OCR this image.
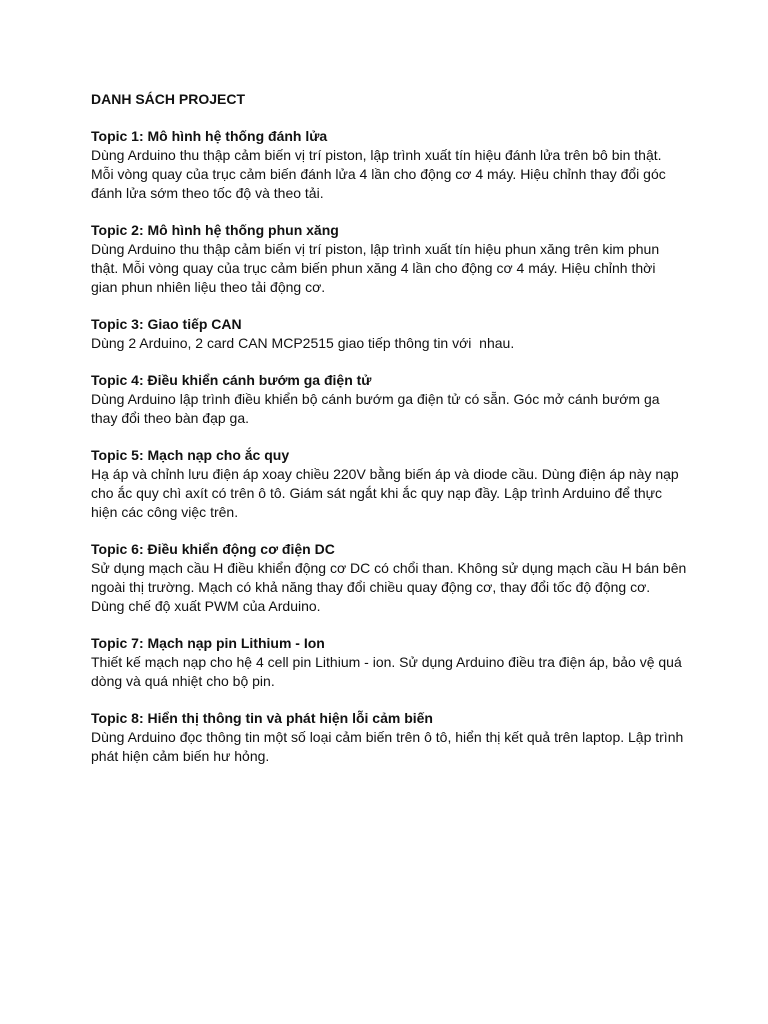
DANH SÁCH PROJECT
Topic 1: Mô hình hệ thống đánh lửa
Dùng Arduino thu thập cảm biến vị trí piston, lập trình xuất tín hiệu đánh lửa trên bô bin thật.
Mỗi vòng quay của trục cảm biến đánh lửa 4 lần cho động cơ 4 máy. Hiệu chỉnh thay đổi góc
đánh lửa sớm theo tốc độ và theo tải.
Topic 2: Mô hình hệ thống phun xăng
Dùng Arduino thu thập cảm biến vị trí piston, lập trình xuất tín hiệu phun xăng trên kim phun
thật. Mỗi vòng quay của trục cảm biến phun xăng 4 lần cho động cơ 4 máy. Hiệu chỉnh thời
gian phun nhiên liệu theo tải động cơ.
Topic 3: Giao tiếp CAN
Dùng 2 Arduino, 2 card CAN MCP2515 giao tiếp thông tin với  nhau.
Topic 4: Điều khiển cánh bướm ga điện tử
Dùng Arduino lập trình điều khiển bộ cánh bướm ga điện tử có sẵn. Góc mở cánh bướm ga
thay đổi theo bàn đạp ga.
Topic 5: Mạch nạp cho ắc quy
Hạ áp và chỉnh lưu điện áp xoay chiều 220V bằng biến áp và diode cầu. Dùng điện áp này nạp
cho ắc quy chì axít có trên ô tô. Giám sát ngắt khi ắc quy nạp đầy. Lập trình Arduino để thực
hiện các công việc trên.
Topic 6: Điều khiển động cơ điện DC
Sử dụng mạch cầu H điều khiển động cơ DC có chổi than. Không sử dụng mạch cầu H bán bên
ngoài thị trường. Mạch có khả năng thay đổi chiều quay động cơ, thay đổi tốc độ động cơ.
Dùng chế độ xuất PWM của Arduino.
Topic 7: Mạch nạp pin Lithium - Ion
Thiết kế mạch nạp cho hệ 4 cell pin Lithium - ion. Sử dụng Arduino điều tra điện áp, bảo vệ quá
dòng và quá nhiệt cho bộ pin.
Topic 8: Hiển thị thông tin và phát hiện lỗi cảm biến
Dùng Arduino đọc thông tin một số loại cảm biến trên ô tô, hiển thị kết quả trên laptop. Lập trình
phát hiện cảm biến hư hỏng.
